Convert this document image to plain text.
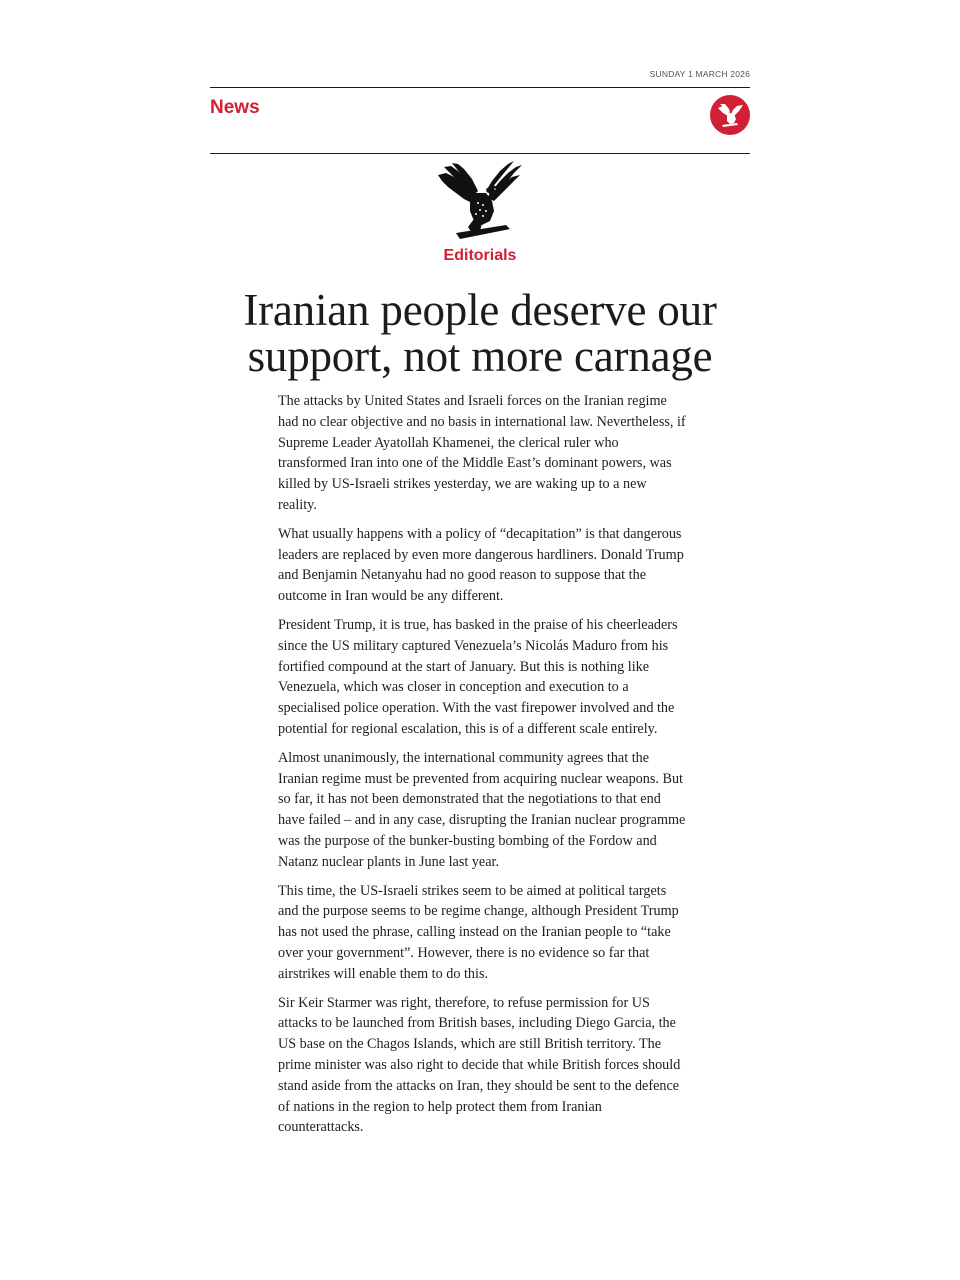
SUNDAY 1 MARCH 2026
News
Editorials
Iranian people deserve our
support, not more carnage

The attacks by United States and Israeli forces on the Iranian regime had no clear objective and no basis in international law. Nevertheless, if Supreme Leader Ayatollah Khamenei, the clerical ruler who transformed Iran into one of the Middle East’s dominant powers, was killed by US-Israeli strikes yesterday, we are waking up to a new reality.

What usually happens with a policy of “decapitation” is that dangerous leaders are replaced by even more dangerous hardliners. Donald Trump and Benjamin Netanyahu had no good reason to suppose that the outcome in Iran would be any different.

President Trump, it is true, has basked in the praise of his cheerleaders since the US military captured Venezuela’s Nicolás Maduro from his fortified compound at the start of January. But this is nothing like Venezuela, which was closer in conception and execution to a specialised police operation. With the vast firepower involved and the potential for regional escalation, this is of a different scale entirely.

Almost unanimously, the international community agrees that the Iranian regime must be prevented from acquiring nuclear weapons. But so far, it has not been demonstrated that the negotiations to that end have failed – and in any case, disrupting the Iranian nuclear programme was the purpose of the bunker-busting bombing of the Fordow and Natanz nuclear plants in June last year.

This time, the US-Israeli strikes seem to be aimed at political targets and the purpose seems to be regime change, although President Trump has not used the phrase, calling instead on the Iranian people to “take over your government”. However, there is no evidence so far that airstrikes will enable them to do this.

Sir Keir Starmer was right, therefore, to refuse permission for US attacks to be launched from British bases, including Diego Garcia, the US base on the Chagos Islands, which are still British territory. The prime minister was also right to decide that while British forces should stand aside from the attacks on Iran, they should be sent to the defence of nations in the region to help protect them from Iranian counterattacks.
